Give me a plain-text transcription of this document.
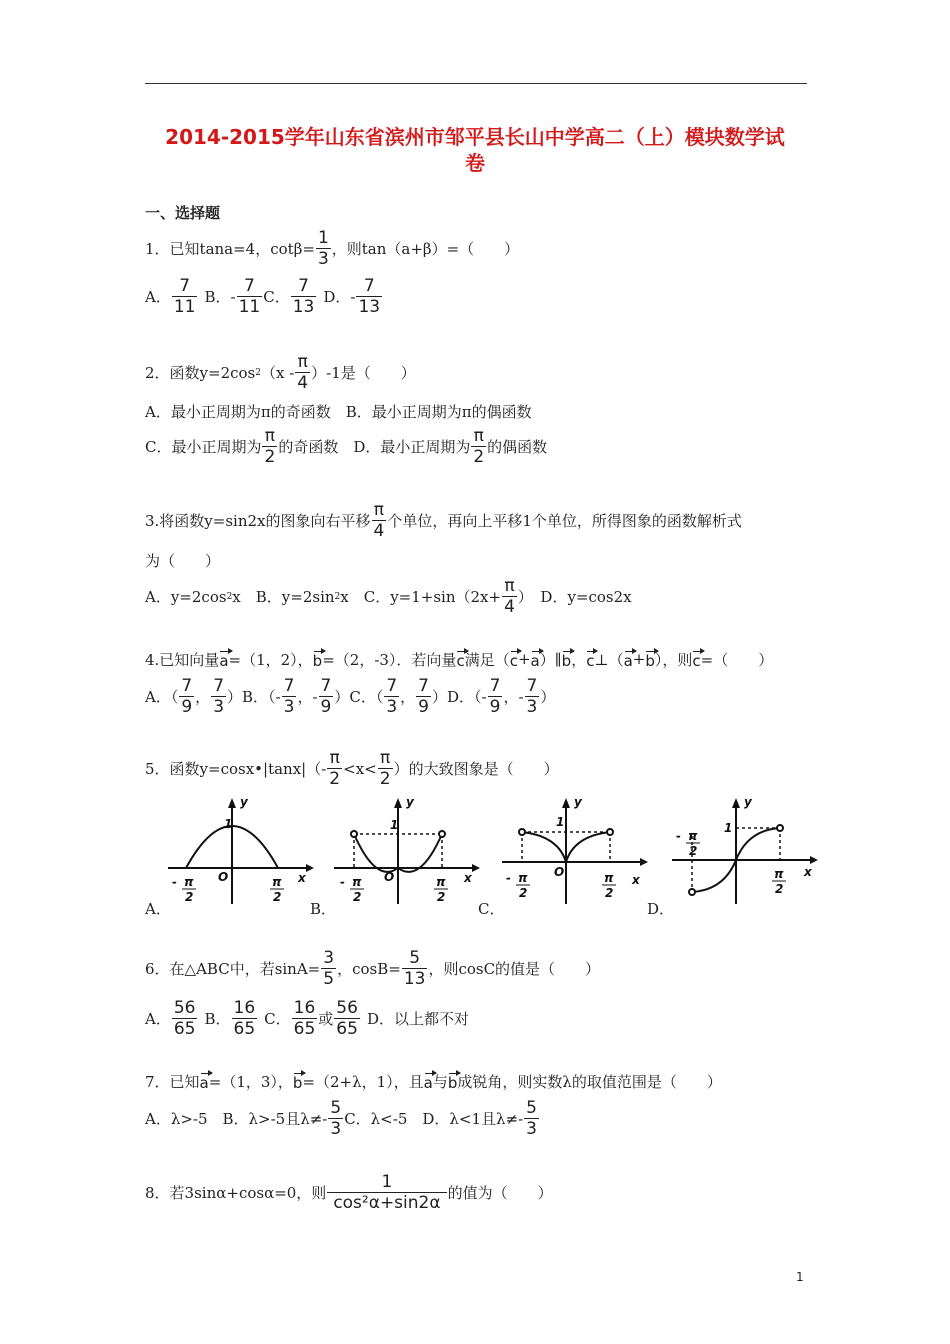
2014-2015学年山东省滨州市邹平县长山中学高二（上）模块数学试
卷
一、选择题
1．已知tana=4，$\cot\beta= \frac{1}{3}$ ，则tan（a+β）=（　　）
A． $\frac{7}{11}$ B．- $\frac{7}{11}$ C． $\frac{7}{13}$ D．- $\frac{7}{13}$
2．函数y=2cos 2 $(x - \frac{\pi}{4} )-1$是（　　）
A．最小正周期为π的奇函数　B．最小正周期为π的偶函数
C．最小正周期为 $\frac{\pi}{2}$ 的奇函数　D．最小正周期为 $\frac{\pi}{2}$ 的偶函数
3.将函数y=sin2x的图象向右平移 $\frac{\pi}{4}$ 个单位，再向上平移1个单位，所得图象的函数解析式
为（　　）
A．y=2cos 2 x　B．y=2sin 2 x　C．$y=1+\sin(2x+ \frac{\pi}{4}$ ）　D．y=cos2x
4.已知向量 a =（1，2）， b =（2，-3）．若向量 c 满足（ c + a ）∥ b ， c ⊥（ a + b ），则 c =（　　）
A．（ $\frac{7}{9}$ ， $\frac{7}{3} )B$．（- $\frac{7}{3}$ ，- $\frac{7}{9} )C$．（ $\frac{7}{3}$ ， $\frac{7}{9} )D$．（- $\frac{7}{9}$ ，- $\frac{7}{3}$ ）
5．函数y=cosx•|tanx|（- $\frac{\pi}{2} <x< \frac{\pi}{2}$ ）的大致图象是（　　）
y
x
O
1
- π
2
π
2
A．
y
x
O
1
- π
2
π
2
B．
y
x
O
1
- π
2
π
2
C．
y
x
1
- π
2
π
2
D．
6．在△ABC中，若$\sin A= \frac{3}{5}$ ，$\cos B= \frac{5}{13}$ ，则cosC的值是（　　）
A． $\frac{56}{65}$ B． $\frac{16}{65}$ C． $\frac{16}{65}$ 或 $\frac{56}{65}$ D．以上都不对
7．已知 a =（1，3）， b =（2+λ，1），且 a 与 b 成锐角，则实数λ的取值范围是（　　）
A．λ>-5　B．λ>-5且$\lambda\ne- \frac{5}{3}$ C．λ<-5　D．λ<1且$\lambda\ne- \frac{5}{3}$
8．若3sinα+cosα=0，则 $\frac{1}{\text{cos²α+sin2α}}$ 的值为（　　）
1
